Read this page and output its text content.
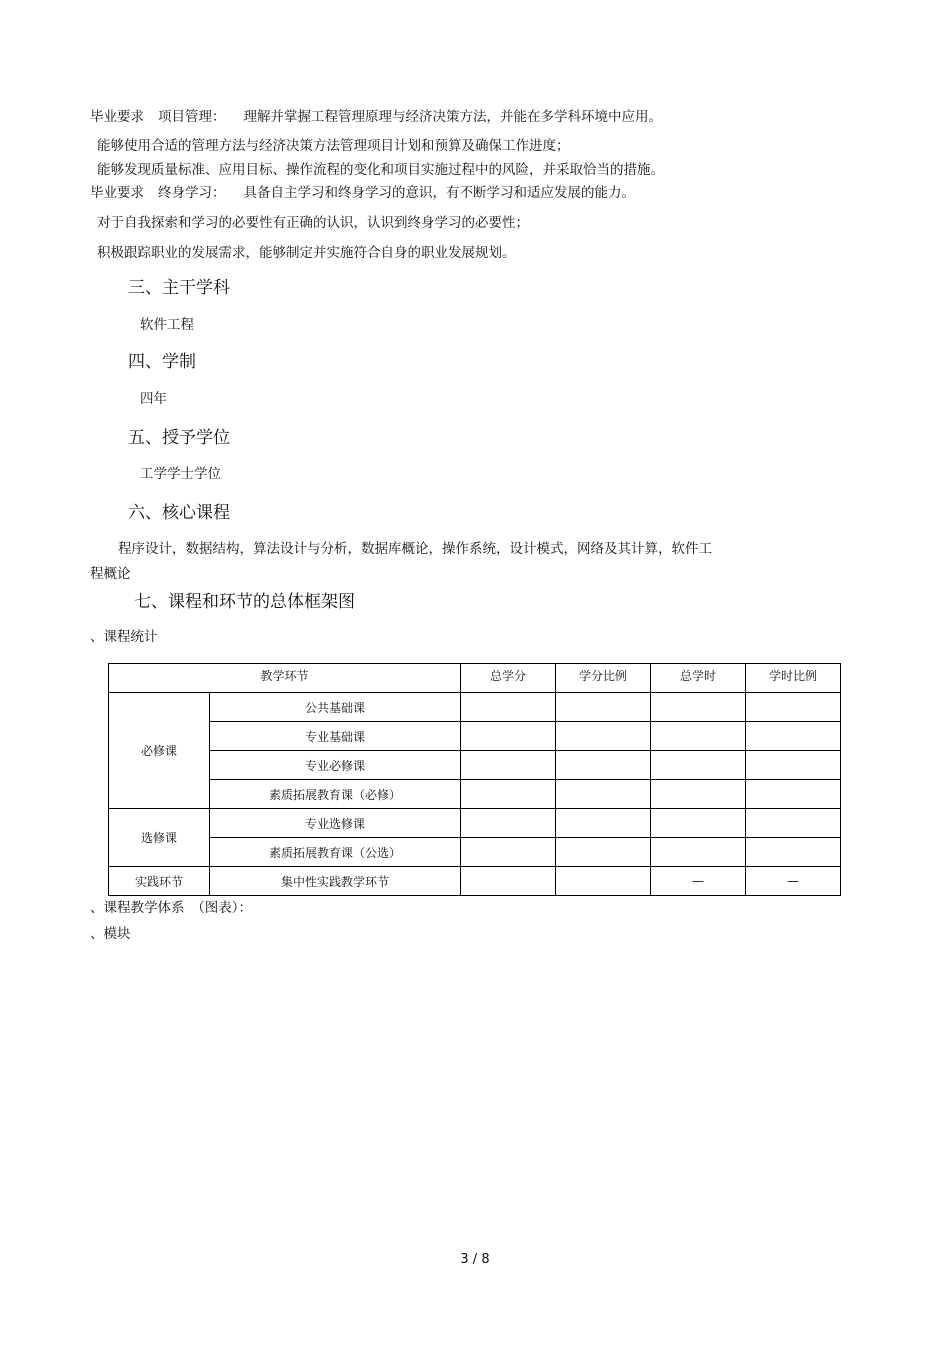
毕业要求 项目管理： 理解并掌握工程管理原理与经济决策方法，并能在多学科环境中应用。
能够使用合适的管理方法与经济决策方法管理项目计划和预算及确保工作进度；
能够发现质量标准、应用目标、操作流程的变化和项目实施过程中的风险，并采取恰当的措施。
毕业要求 终身学习： 具备自主学习和终身学习的意识，有不断学习和适应发展的能力。
对于自我探索和学习的必要性有正确的认识，认识到终身学习的必要性；
积极跟踪职业的发展需求，能够制定并实施符合自身的职业发展规划。
三、主干学科
软件工程
四、学制
四年
五、授予学位
工学学士学位
六、核心课程
程序设计，数据结构，算法设计与分析，数据库概论，操作系统，设计模式，网络及其计算，软件工
程概论
七、课程和环节的总体框架图
、课程统计
教学环节		总学分	学分比例	总学时	学时比例
必修课	公共基础课				
	专业基础课				
	专业必修课				
	素质拓展教育课（必修）				
选修课	专业选修课				
	素质拓展教育课（公选）				
实践环节	集中性实践教学环节			—	—
、课程教学体系　（图表）：
、模块
3 / 8
